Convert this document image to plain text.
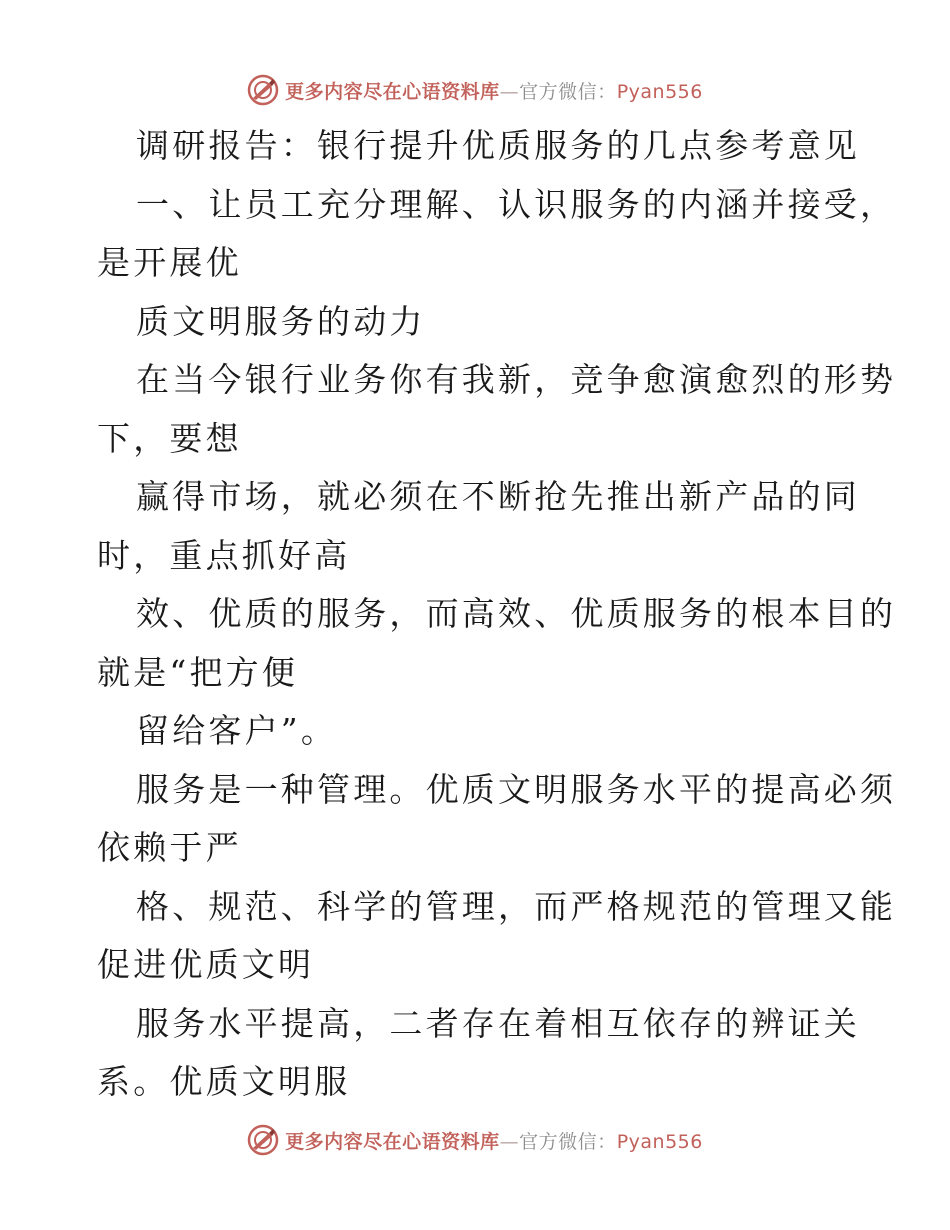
更多内容尽在心语资料库—官方微信：Pyan556
调研报告：银行提升优质服务的几点参考意见
一、让员工充分理解、认识服务的内涵并接受，
是开展优
质文明服务的动力
在当今银行业务你有我新，竞争愈演愈烈的形势
下，要想
赢得市场，就必须在不断抢先推出新产品的同
时，重点抓好高
效、优质的服务，而高效、优质服务的根本目的
就是“把方便
留给客户”。
服务是一种管理。优质文明服务水平的提高必须
依赖于严
格、规范、科学的管理，而严格规范的管理又能
促进优质文明
服务水平提高，二者存在着相互依存的辨证关
系。优质文明服
更多内容尽在心语资料库—官方微信：Pyan556
